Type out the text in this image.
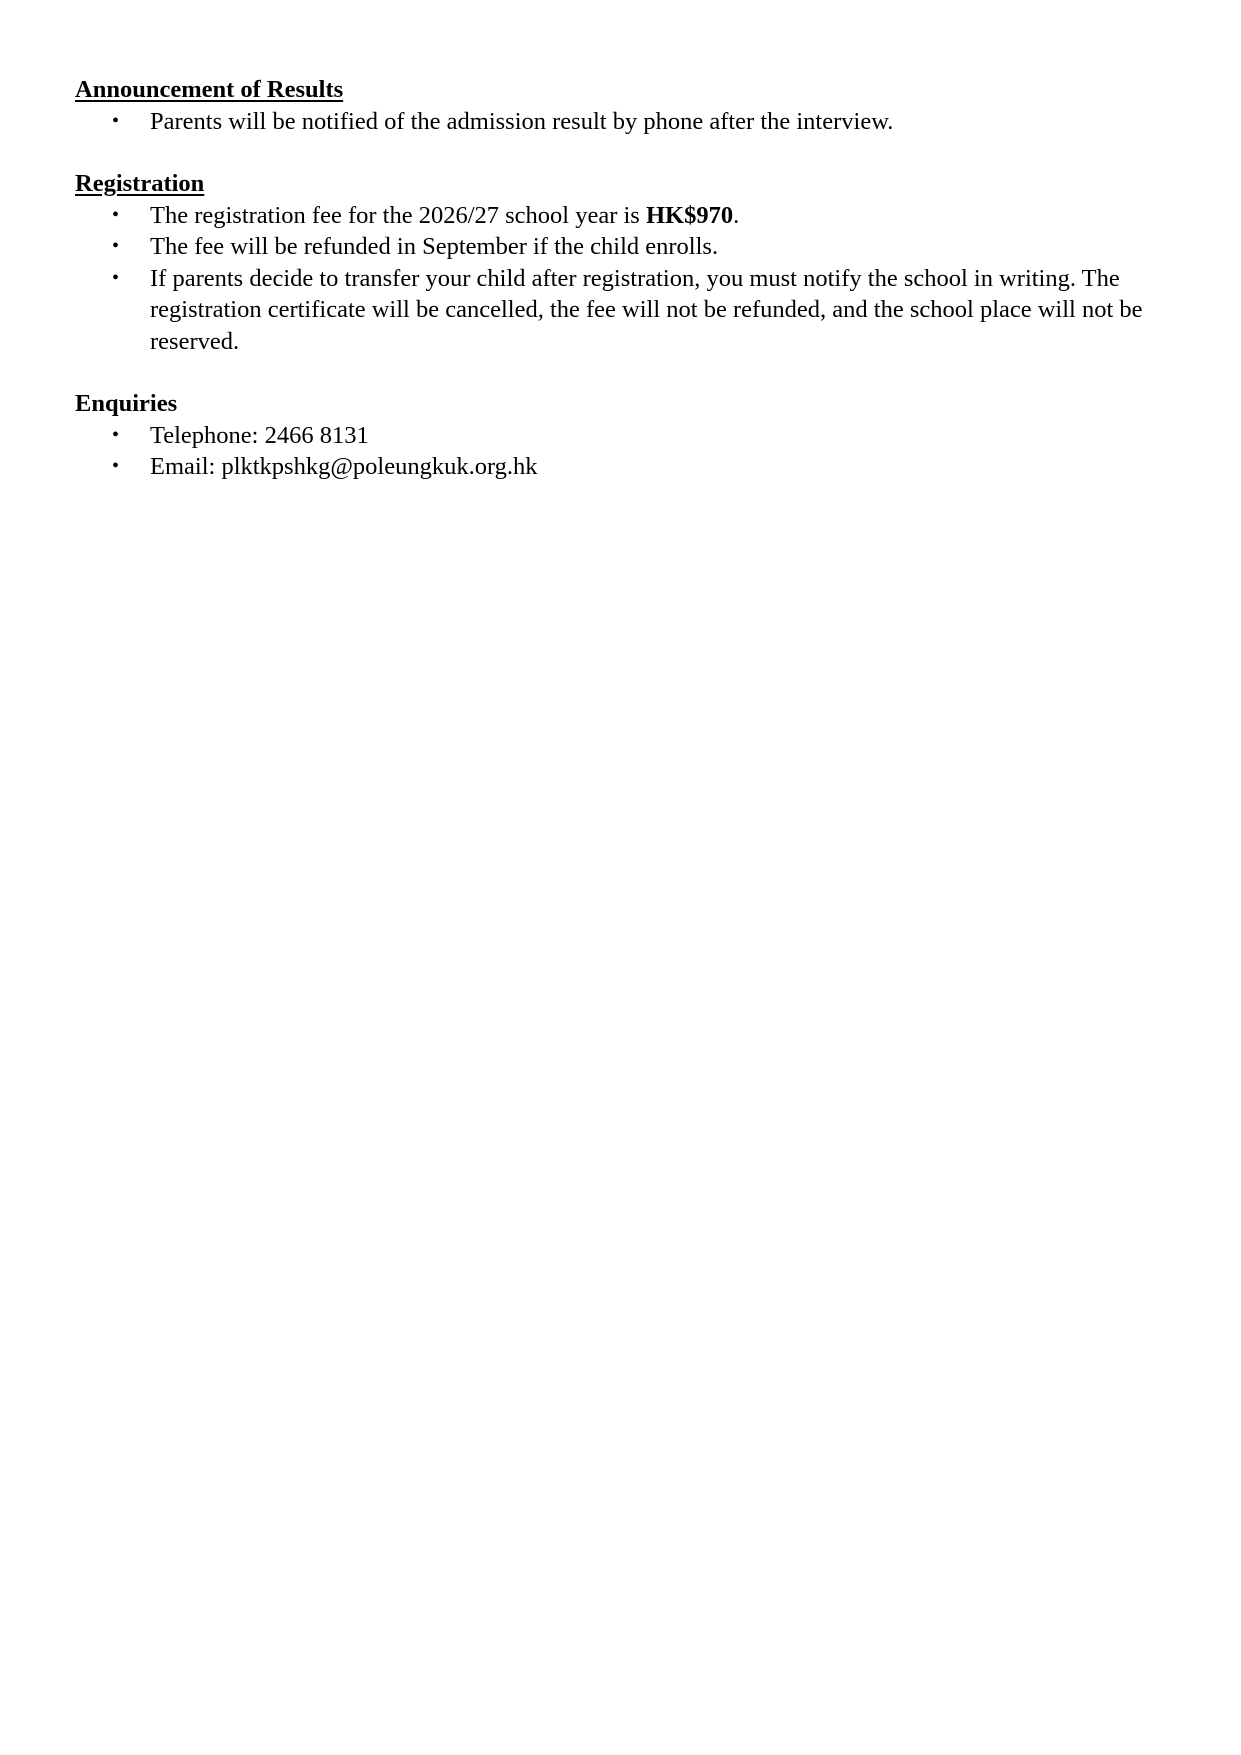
Announcement of Results
• Parents will be notified of the admission result by phone after the interview.
Registration
• The registration fee for the 2026/27 school year is HK$970.
• The fee will be refunded in September if the child enrolls.
• If parents decide to transfer your child after registration, you must notify the school in writing. The registration certificate will be cancelled, the fee will not be refunded, and the school place will not be reserved.
Enquiries
• Telephone: 2466 8131
• Email: plktkpshkg@poleungkuk.org.hk
